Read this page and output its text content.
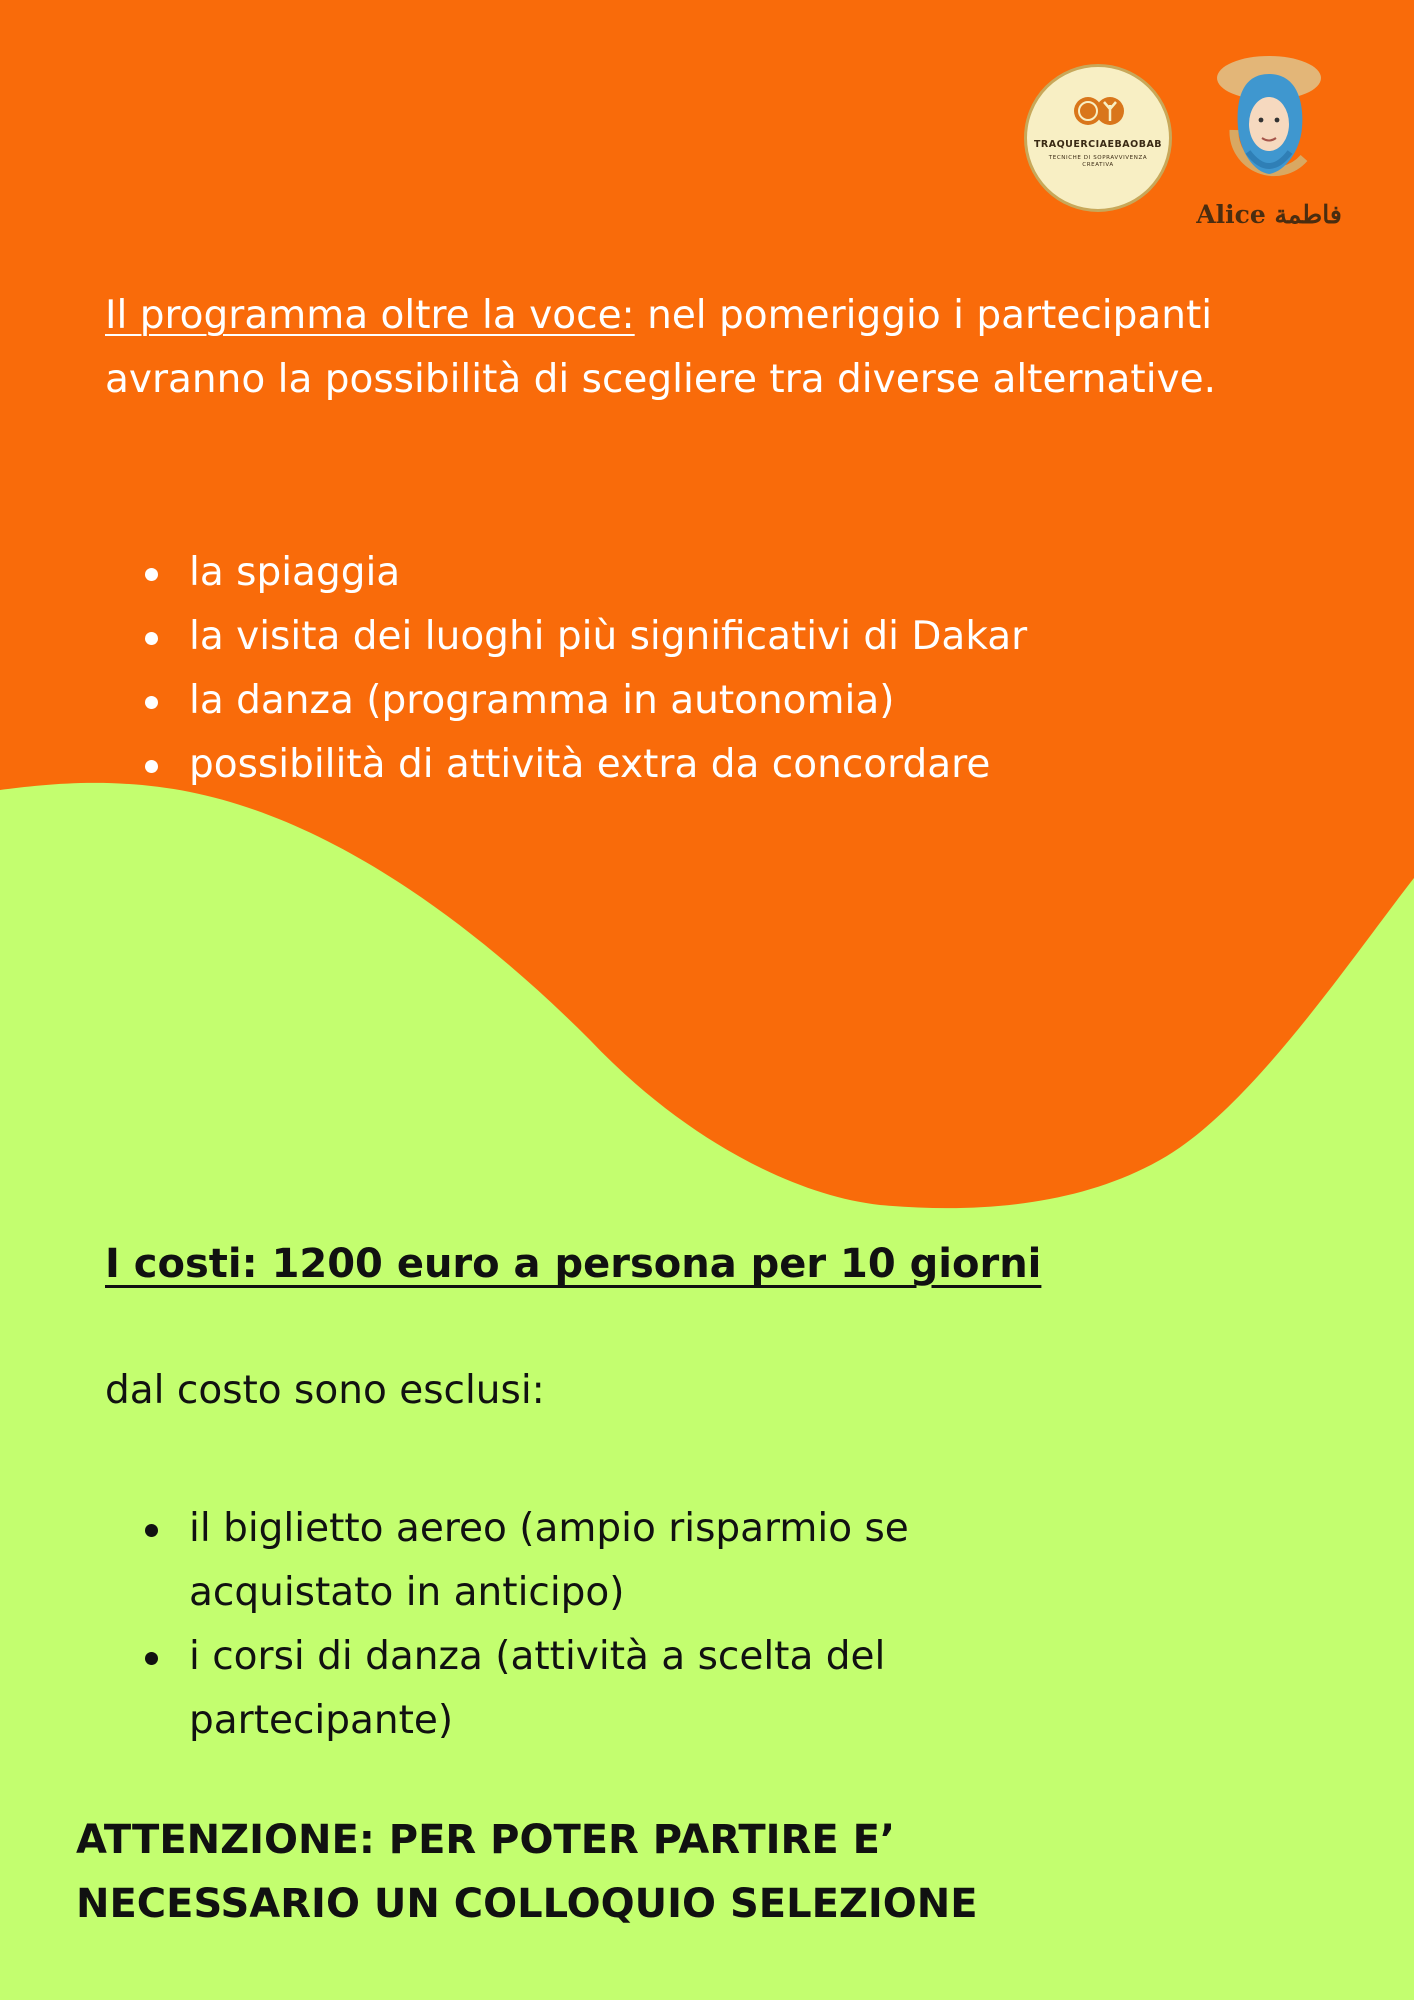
TRAQUERCIAEBAOBAB
TECNICHE DI SOPRAVVIVENZA CREATIVA
Alice فاطمة

Il programma oltre la voce: nel pomeriggio i partecipanti avranno la possibilità di scegliere tra diverse alternative.

la spiaggia
la visita dei luoghi più significativi di Dakar
la danza (programma in autonomia)
possibilità di attività extra da concordare

I costi: 1200 euro a persona per 10 giorni

dal costo sono esclusi:

il biglietto aereo (ampio risparmio se acquistato in anticipo)
i corsi di danza (attività a scelta del partecipante)

ATTENZIONE: PER POTER PARTIRE E’
NECESSARIO UN COLLOQUIO SELEZIONE
